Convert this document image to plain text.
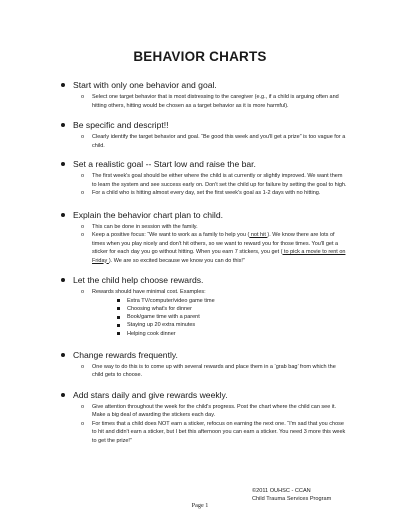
BEHAVIOR CHARTS
Start with only one behavior and goal.
o Select one target behavior that is most distressing to the caregiver (e.g., if a child is arguing often and hitting others, hitting would be chosen as a target behavior as it is more harmful).
Be specific and descript!!
o Clearly identify the target behavior and goal. “Be good this week and you'll get a prize” is too vague for a child.
Set a realistic goal -- Start low and raise the bar.
o The first week's goal should be either where the child is at currently or slightly improved. We want them to learn the system and see success early on. Don't set the child up for failure by setting the goal to high.
o For a child who is hitting almost every day, set the first week's goal as 1-2 days with no hitting.
Explain the behavior chart plan to child.
o This can be done in session with the family.
o Keep a positive focus: “We want to work as a family to help you ( not hit ). We know there are lots of times when you play nicely and don't hit others, so we want to reward you for those times. You'll get a sticker for each day you go without hitting. When you earn 7 stickers, you get ( to pick a movie to rent on Friday ). We are so excited because we know you can do this!”
Let the child help choose rewards.
o Rewards should have minimal cost. Examples:
Extra TV/computer/video game time
Choosing what's for dinner
Book/game time with a parent
Staying up 20 extra minutes
Helping cook dinner
Change rewards frequently.
o One way to do this is to come up with several rewards and place them in a ‘grab bag’ from which the child gets to choose.
Add stars daily and give rewards weekly.
o Give attention throughout the week for the child's progress. Post the chart where the child can see it. Make a big deal of awarding the stickers each day.
o For times that a child does NOT earn a sticker, refocus on earning the next one. “I'm sad that you chose to hit and didn't earn a sticker, but I bet this afternoon you can earn a sticker. You need 3 more this week to get the prize!”
©2011 OUHSC - CCAN
Child Trauma Services Program
Page 1
